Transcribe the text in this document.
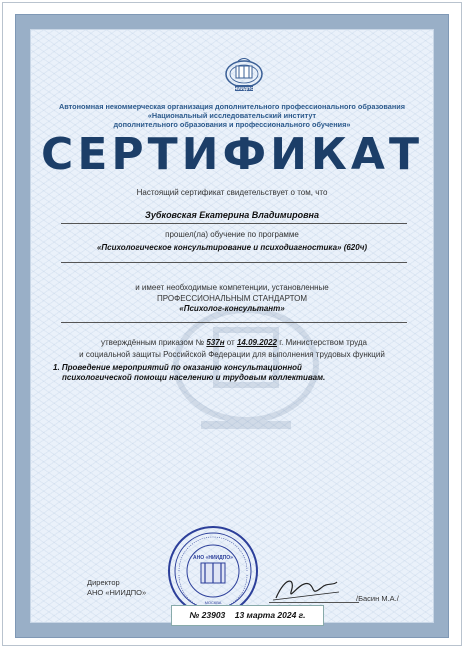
НИИДПО
Автономная некоммерческая организация дополнительного профессионального образования
«Национальный исследовательский институт
дополнительного образования и профессионального обучения»
СЕРТИФИКАТ
Настоящий сертификат свидетельствует о том, что
Зубковская Екатерина Владимировна
прошел(ла) обучение по программе
«Психологическое консультирование и психодиагностика» (620ч)
и имеет необходимые компетенции, установленные
ПРОФЕССИОНАЛЬНЫМ СТАНДАРТОМ
«Психолог-консультант»
утверждённым приказом № 537н от 14.09.2022 г. Министерством труда
и социальной защиты Российской Федерации для выполнения трудовых функций
1. Проведение мероприятий по оказанию консультационной
психологической помощи населению и трудовым коллективам.
АНО «НИИДПО»
МОСКВА
Директор
АНО «НИИДПО»
/Басин М.А./
№ 23903 13 марта 2024 г.
